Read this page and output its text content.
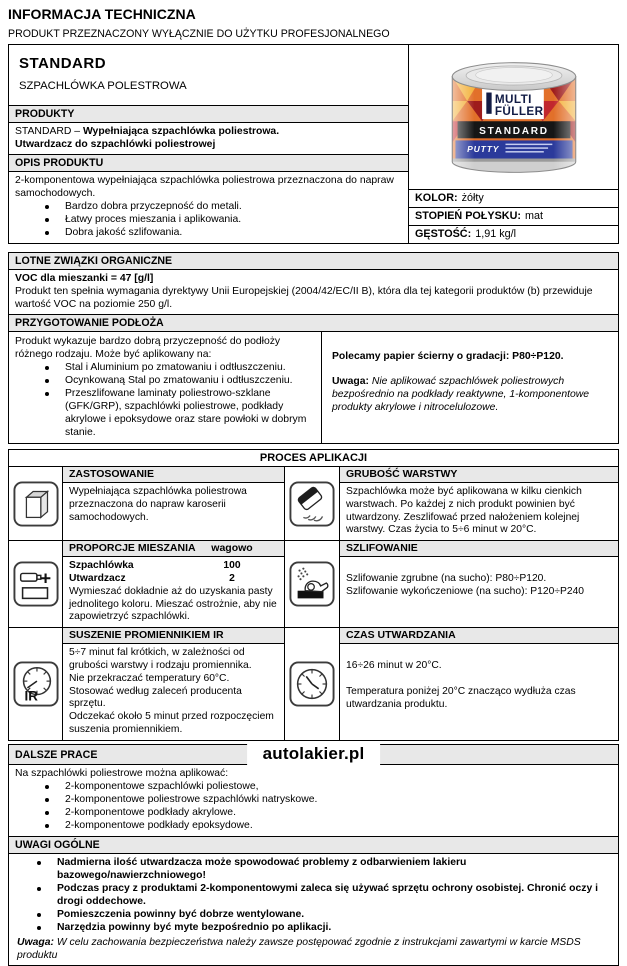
INFORMACJA TECHNICZNA
PRODUKT PRZEZNACZONY WYŁĄCZNIE DO UŻYTKU PROFESJONALNEGO
STANDARD
SZPACHLÓWKA POLESTROWA
PRODUKTY
STANDARD – Wypełniająca szpachlówka poliestrowa.
Utwardzacz do szpachlówki poliestrowej
OPIS PRODUKTU
2-komponentowa wypełniająca szpachlówka poliestrowa przeznaczona do napraw samochodowych.
Bardzo dobra przyczepność do metali.
Łatwy proces mieszania i aplikowania.
Dobra jakość szlifowania.
KOLOR: żółty
STOPIEŃ POŁYSKU: mat
GĘSTOŚĆ: 1,91 kg/l
LOTNE ZWIĄZKI ORGANICZNE
VOC dla mieszanki = 47 [g/l]
Produkt ten spełnia wymagania dyrektywy Unii Europejskiej (2004/42/EC/II B), która dla tej kategorii produktów (b) przewiduje wartość VOC na poziomie 250 g/l.
PRZYGOTOWANIE PODŁOŻA
Produkt wykazuje bardzo dobrą przyczepność do podłoży różnego rodzaju. Może być aplikowany na:
Stal i Aluminium po zmatowaniu i odtłuszczeniu.
Ocynkowaną Stal po zmatowaniu i odtłuszczeniu.
Przeszlifowane laminaty poliestrowo-szklane (GFK/GRP), szpachlówki poliestrowe, podkłady akrylowe i epoksydowe oraz stare powłoki w dobrym stanie.
Polecamy papier ścierny o gradacji: P80÷P120.
Uwaga: Nie aplikować szpachlówek poliestrowych bezpośrednio na podkłady reaktywne, 1-komponentowe produkty akrylowe i nitrocelulozowe.
PROCES APLIKACJI
ZASTOSOWANIE
Wypełniająca szpachlówka poliestrowa przeznaczona do napraw karoserii samochodowych.
GRUBOŚĆ WARSTWY
Szpachlówka może być aplikowana w kilku cienkich warstwach. Po każdej z nich produkt powinien być utwardzony. Zeszlifować przed nałożeniem kolejnej warstwy. Czas życia to 5÷6 minut w 20°C.
PROPORCJE MIESZANIA	wagowo
Szpachlówka	100
Utwardzacz	2
Wymieszać dokładnie aż do uzyskania pasty jednolitego koloru. Mieszać ostrożnie, aby nie zapowietrzyć szpachlówki.
SZLIFOWANIE
Szlifowanie zgrubne (na sucho): P80÷P120.
Szlifowanie wykończeniowe (na sucho): P120÷P240
IR
SUSZENIE PROMIENNIKIEM IR
5÷7 minut fal krótkich, w zależności od grubości warstwy i rodzaju promiennika.
Nie przekraczać temperatury 60°C.
Stosować według zaleceń producenta sprzętu.
Odczekać około 5 minut przed rozpoczęciem suszenia promiennikiem.
CZAS UTWARDZANIA
16÷26 minut w 20°C.
Temperatura poniżej 20°C znacząco wydłuża czas utwardzania produktu.
DALSZE PRACE	autolakier.pl
Na szpachlówki poliestrowe można aplikować:
2-komponentowe szpachlówki poliestowe,
2-komponentowe poliestrowe szpachlówki natryskowe.
2-komponentowe podkłady akrylowe.
2-komponentowe podkłady epoksydowe.
UWAGI OGÓLNE
Nadmierna ilość utwardzacza może spowodować problemy z odbarwieniem lakieru bazowego/nawierzchniowego!
Podczas pracy z produktami 2-komponentowymi zaleca się używać sprzętu ochrony osobistej. Chronić oczy i drogi oddechowe.
Pomieszczenia powinny być dobrze wentylowane.
Narzędzia powinny być myte bezpośrednio po aplikacji.
Uwaga: W celu zachowania bezpieczeństwa należy zawsze postępować zgodnie z instrukcjami zawartymi w karcie MSDS produktu
